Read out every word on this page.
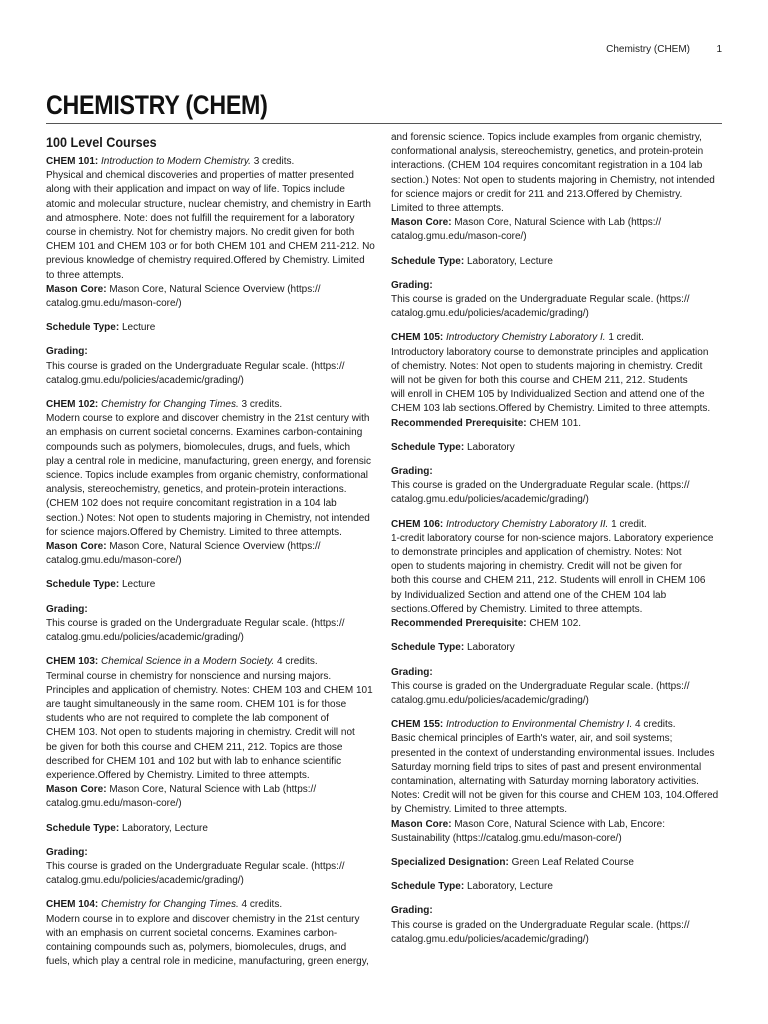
Chemistry (CHEM)	1
CHEMISTRY (CHEM)
100 Level Courses

CHEM 101: Introduction to Modern Chemistry. 3 credits.

Physical and chemical discoveries and properties of matter presented

along with their application and impact on way of life. Topics include

atomic and molecular structure, nuclear chemistry, and chemistry in Earth

and atmosphere. Note: does not fulfill the requirement for a laboratory

course in chemistry. Not for chemistry majors. No credit given for both

CHEM 101 and CHEM 103 or for both CHEM 101 and CHEM 211-212. No

previous knowledge of chemistry required.Offered by Chemistry. Limited

to three attempts.

Mason Core: Mason Core, Natural Science Overview (https://

catalog.gmu.edu/mason-core/)

Schedule Type: Lecture

Grading:

This course is graded on the Undergraduate Regular scale. (https://

catalog.gmu.edu/policies/academic/grading/)

CHEM 102: Chemistry for Changing Times. 3 credits.

Modern course to explore and discover chemistry in the 21st century with

an emphasis on current societal concerns. Examines carbon-containing

compounds such as polymers, biomolecules, drugs, and fuels, which

play a central role in medicine, manufacturing, green energy, and forensic

science. Topics include examples from organic chemistry, conformational

analysis, stereochemistry, genetics, and protein-protein interactions.

(CHEM 102 does not require concomitant registration in a 104 lab

section.) Notes: Not open to students majoring in Chemistry, not intended

for science majors.Offered by Chemistry. Limited to three attempts.

Mason Core: Mason Core, Natural Science Overview (https://

catalog.gmu.edu/mason-core/)

Schedule Type: Lecture

Grading:

This course is graded on the Undergraduate Regular scale. (https://

catalog.gmu.edu/policies/academic/grading/)

CHEM 103: Chemical Science in a Modern Society. 4 credits.

Terminal course in chemistry for nonscience and nursing majors.

Principles and application of chemistry. Notes: CHEM 103 and CHEM 101

are taught simultaneously in the same room. CHEM 101 is for those

students who are not required to complete the lab component of

CHEM 103. Not open to students majoring in chemistry. Credit will not

be given for both this course and CHEM 211, 212. Topics are those

described for CHEM 101 and 102 but with lab to enhance scientific

experience.Offered by Chemistry. Limited to three attempts.

Mason Core: Mason Core, Natural Science with Lab (https://

catalog.gmu.edu/mason-core/)

Schedule Type: Laboratory, Lecture

Grading:

This course is graded on the Undergraduate Regular scale. (https://

catalog.gmu.edu/policies/academic/grading/)

CHEM 104: Chemistry for Changing Times. 4 credits.

Modern course in to explore and discover chemistry in the 21st century

with an emphasis on current societal concerns. Examines carbon-

containing compounds such as, polymers, biomolecules, drugs, and

fuels, which play a central role in medicine, manufacturing, green energy,

and forensic science. Topics include examples from organic chemistry,

conformational analysis, stereochemistry, genetics, and protein-protein

interactions. (CHEM 104 requires concomitant registration in a 104 lab

section.) Notes: Not open to students majoring in Chemistry, not intended

for science majors or credit for 211 and 213.Offered by Chemistry.

Limited to three attempts.

Mason Core: Mason Core, Natural Science with Lab (https://

catalog.gmu.edu/mason-core/)

Schedule Type: Laboratory, Lecture

Grading:

This course is graded on the Undergraduate Regular scale. (https://

catalog.gmu.edu/policies/academic/grading/)

CHEM 105: Introductory Chemistry Laboratory I. 1 credit.

Introductory laboratory course to demonstrate principles and application

of chemistry. Notes: Not open to students majoring in chemistry. Credit

will not be given for both this course and CHEM 211, 212. Students

will enroll in CHEM 105 by Individualized Section and attend one of the

CHEM 103 lab sections.Offered by Chemistry. Limited to three attempts.

Recommended Prerequisite: CHEM 101.

Schedule Type: Laboratory

Grading:

This course is graded on the Undergraduate Regular scale. (https://

catalog.gmu.edu/policies/academic/grading/)

CHEM 106: Introductory Chemistry Laboratory II. 1 credit.

1-credit laboratory course for non-science majors. Laboratory experience

to demonstrate principles and application of chemistry. Notes: Not

open to students majoring in chemistry. Credit will not be given for

both this course and CHEM 211, 212. Students will enroll in CHEM 106

by Individualized Section and attend one of the CHEM 104 lab

sections.Offered by Chemistry. Limited to three attempts.

Recommended Prerequisite: CHEM 102.

Schedule Type: Laboratory

Grading:

This course is graded on the Undergraduate Regular scale. (https://

catalog.gmu.edu/policies/academic/grading/)

CHEM 155: Introduction to Environmental Chemistry I. 4 credits.

Basic chemical principles of Earth's water, air, and soil systems;

presented in the context of understanding environmental issues. Includes

Saturday morning field trips to sites of past and present environmental

contamination, alternating with Saturday morning laboratory activities.

Notes: Credit will not be given for this course and CHEM 103, 104.Offered

by Chemistry. Limited to three attempts.

Mason Core: Mason Core, Natural Science with Lab, Encore:

Sustainability (https://catalog.gmu.edu/mason-core/)

Specialized Designation: Green Leaf Related Course

Schedule Type: Laboratory, Lecture

Grading:

This course is graded on the Undergraduate Regular scale. (https://

catalog.gmu.edu/policies/academic/grading/)
